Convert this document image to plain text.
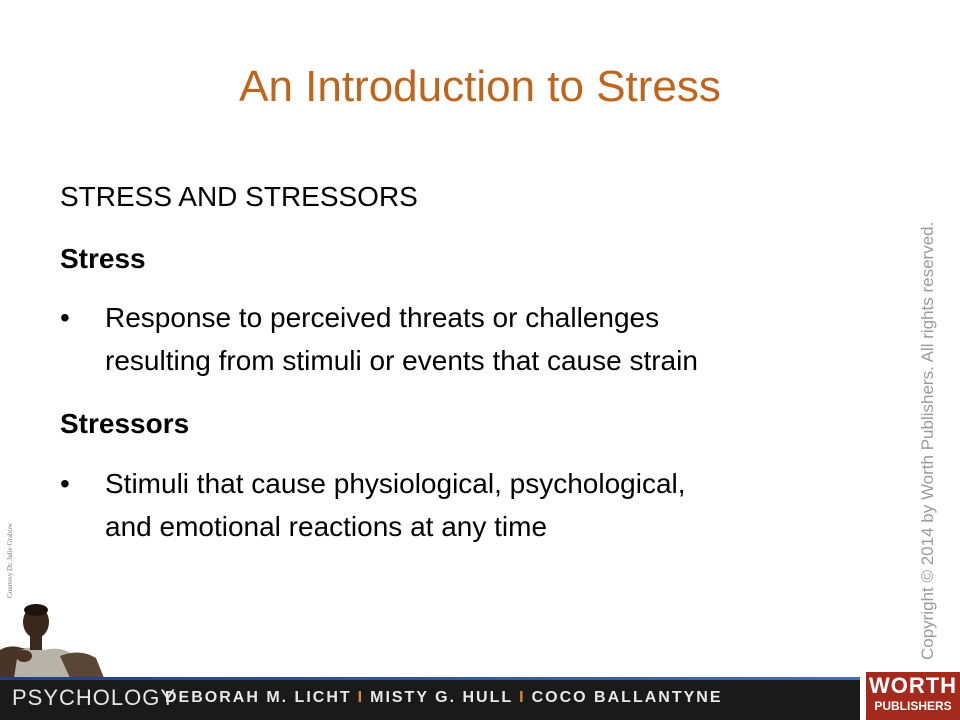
An Introduction to Stress
STRESS AND STRESSORS
Stress
• Response to perceived threats or challenges
resulting from stimuli or events that cause strain
Stressors
• Stimuli that cause physiological, psychological,
and emotional reactions at any time	Copyright © 2014 by Worth Publishers. All rights reserved.
Courtesy Dr. Julie Grabow
PSYCHOLOGY
DEBORAH M. LICHT I MISTY G. HULL I COCO BALLANTYNE	WORTH
PUBLISHERS
